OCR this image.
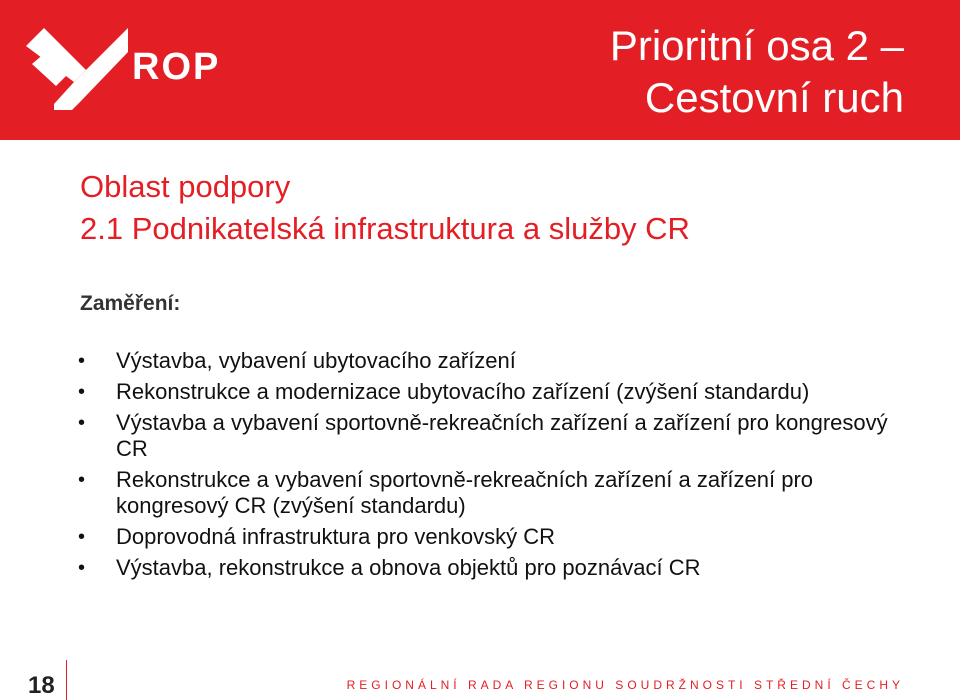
ROP	Prioritní osa 2 –
Cestovní ruch
Oblast podpory
2.1 Podnikatelská infrastruktura a služby CR
Zaměření:
• Výstavba, vybavení ubytovacího zařízení
• Rekonstrukce a modernizace ubytovacího zařízení (zvýšení standardu)
• Výstavba a vybavení sportovně-rekreačních zařízení a zařízení pro kongresový CR
• Rekonstrukce a vybavení sportovně-rekreačních zařízení a zařízení pro kongresový CR (zvýšení standardu)
• Doprovodná infrastruktura pro venkovský CR
• Výstavba, rekonstrukce a obnova objektů pro poznávací CR
18	REGIONÁLNÍ RADA REGIONU SOUDRŽNOSTI STŘEDNÍ ČECHY
